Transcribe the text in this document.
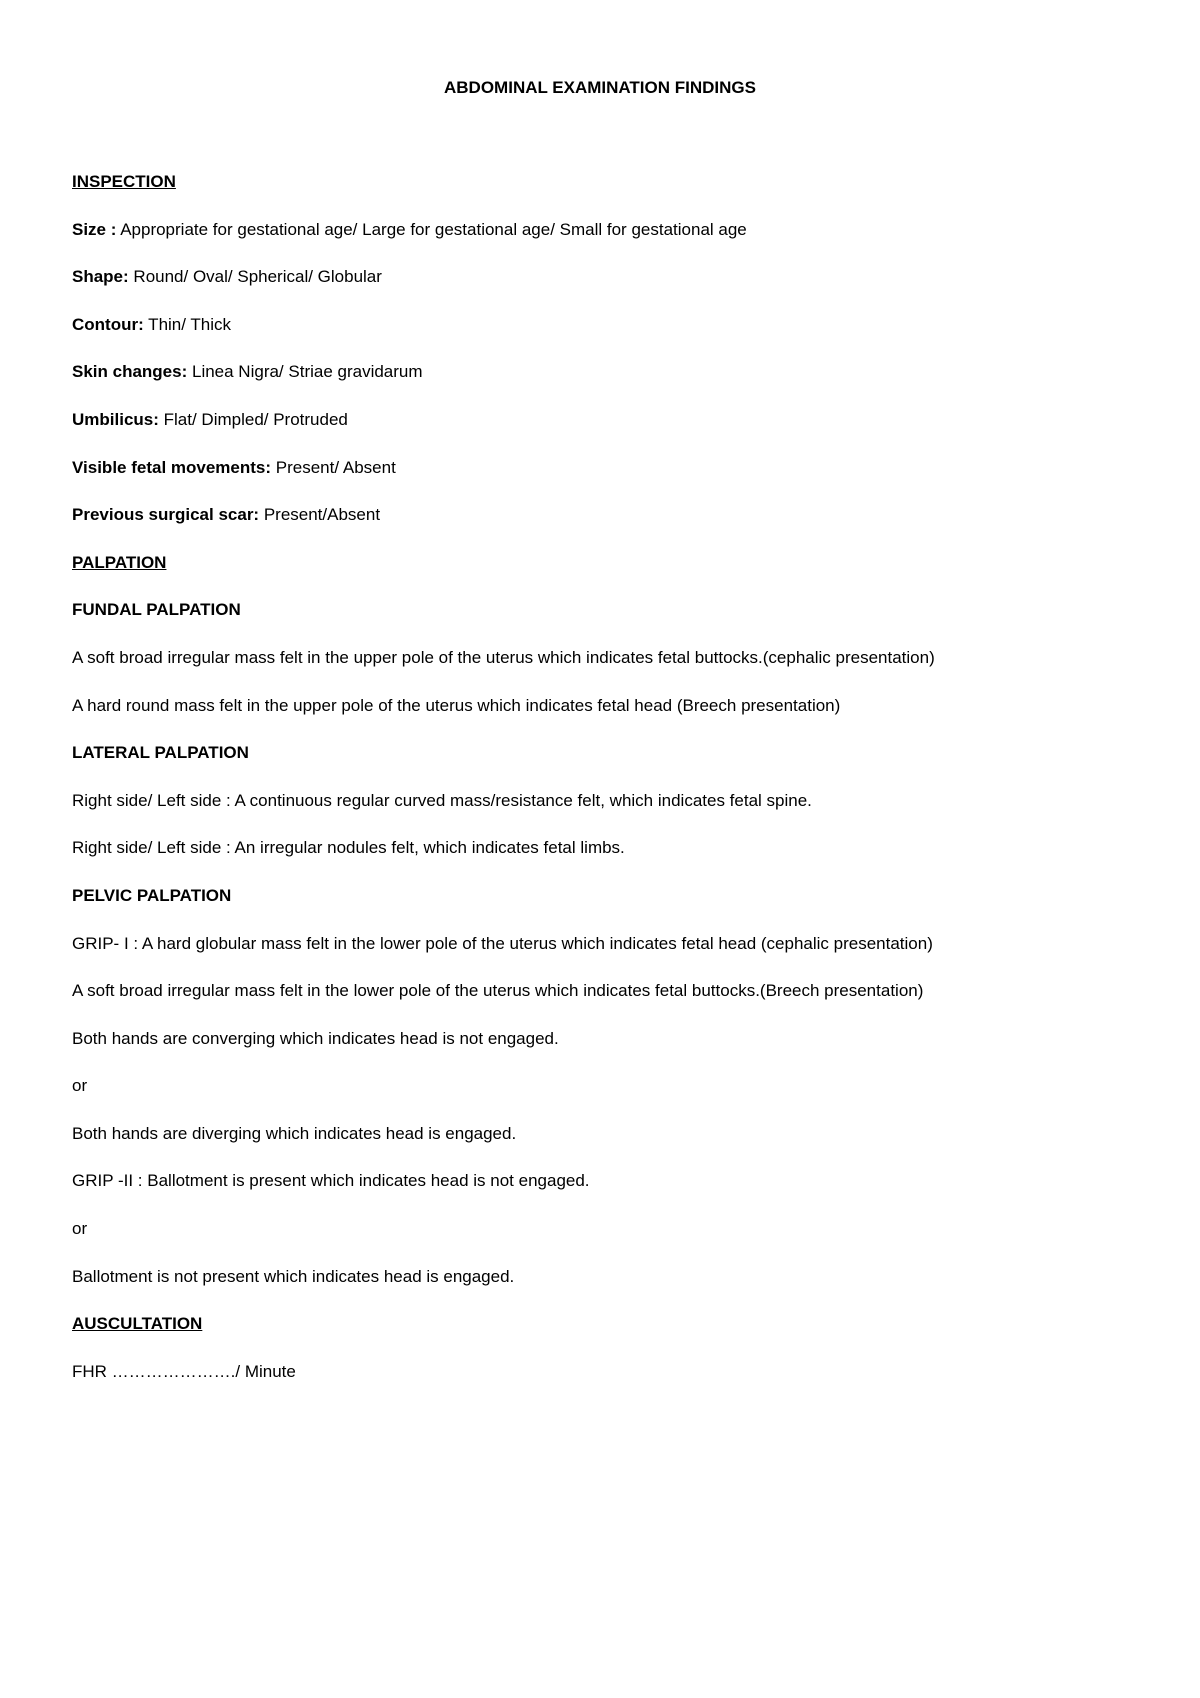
ABDOMINAL EXAMINATION FINDINGS
INSPECTION
Size : Appropriate for gestational age/ Large for gestational age/ Small for gestational age
Shape: Round/ Oval/ Spherical/ Globular
Contour: Thin/ Thick
Skin changes: Linea Nigra/ Striae gravidarum
Umbilicus: Flat/ Dimpled/ Protruded
Visible fetal movements: Present/ Absent
Previous surgical scar: Present/Absent
PALPATION
FUNDAL PALPATION
A soft broad irregular mass felt in the upper pole of the uterus which indicates fetal buttocks.(cephalic presentation)
A hard round mass felt in the upper pole of the uterus which indicates fetal head (Breech presentation)
LATERAL PALPATION
Right side/ Left side : A continuous regular curved mass/resistance felt, which indicates fetal spine.
Right side/ Left side : An irregular nodules felt, which indicates fetal limbs.
PELVIC PALPATION
GRIP- I : A hard globular mass felt in the lower pole of the uterus which indicates fetal head (cephalic presentation)
A soft broad irregular mass felt in the lower pole of the uterus which indicates fetal buttocks.(Breech presentation)
Both hands are converging which indicates head is not engaged.
or
Both hands are diverging which indicates head is engaged.
GRIP -II : Ballotment is present which indicates head is not engaged.
or
Ballotment is not present which indicates head is engaged.
AUSCULTATION
FHR …………………./ Minute
